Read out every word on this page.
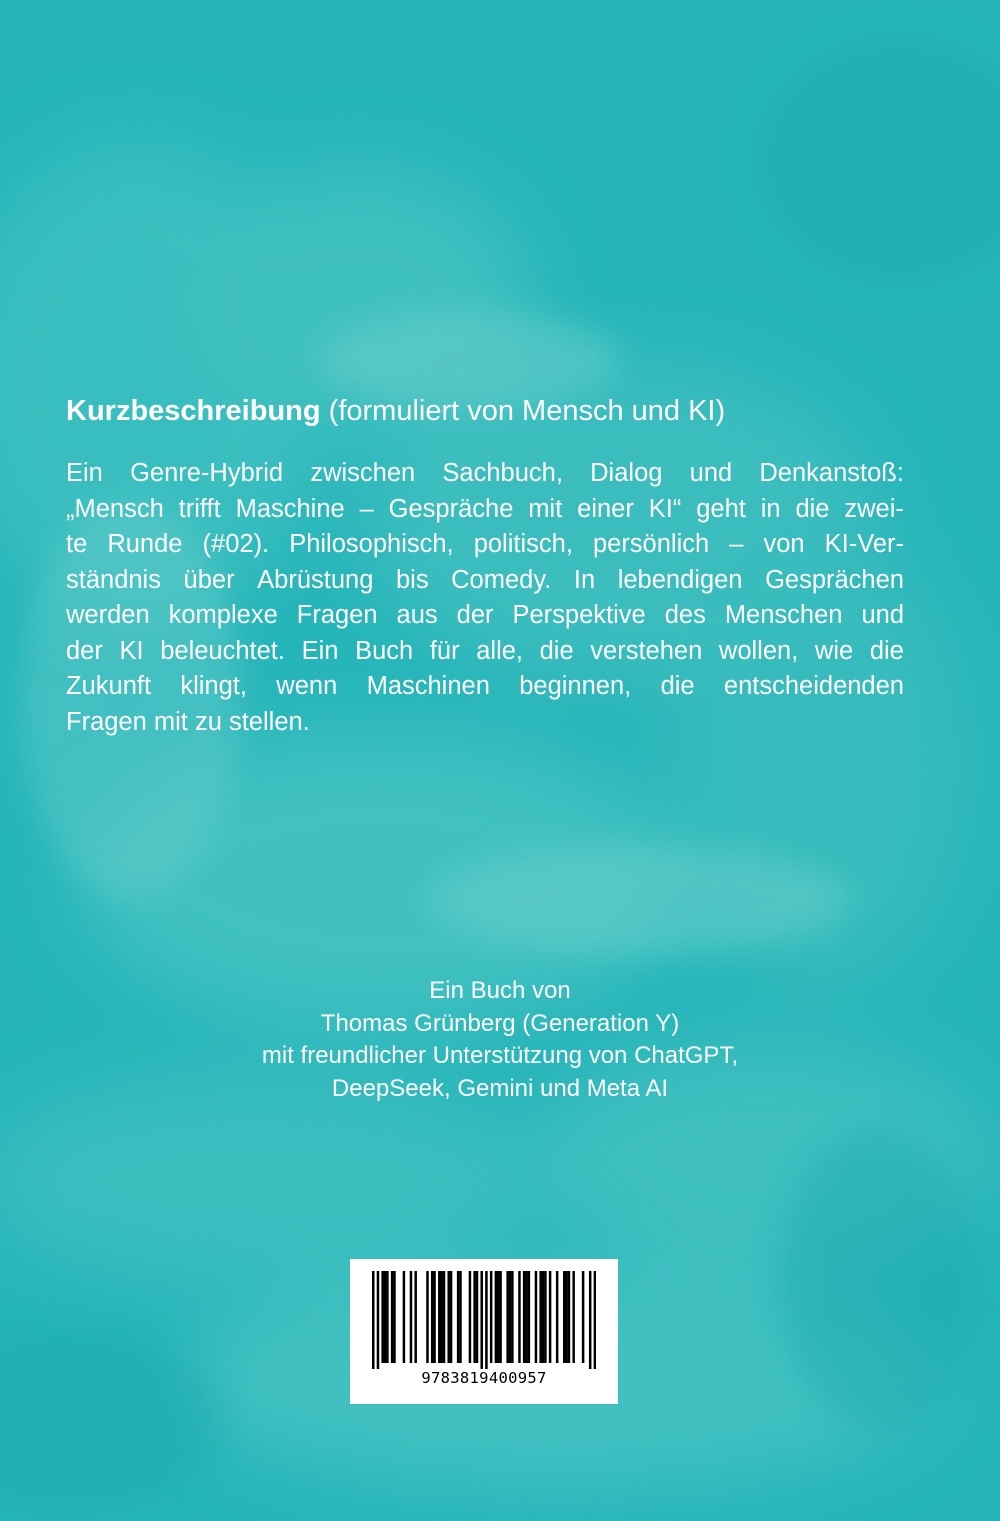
Kurzbeschreibung (formuliert von Mensch und KI)
Ein Genre-Hybrid zwischen Sachbuch, Dialog und Denkanstoß:
„Mensch trifft Maschine – Gespräche mit einer KI“ geht in die zwei-
te Runde (#02). Philosophisch, politisch, persönlich – von KI-Ver-
ständnis über Abrüstung bis Comedy. In lebendigen Gesprächen
werden komplexe Fragen aus der Perspektive des Menschen und
der KI beleuchtet. Ein Buch für alle, die verstehen wollen, wie die
Zukunft klingt, wenn Maschinen beginnen, die entscheidenden
Fragen mit zu stellen.
Ein Buch von
Thomas Grünberg (Generation Y)
mit freundlicher Unterstützung von ChatGPT,
DeepSeek, Gemini und Meta AI
9783819400957
